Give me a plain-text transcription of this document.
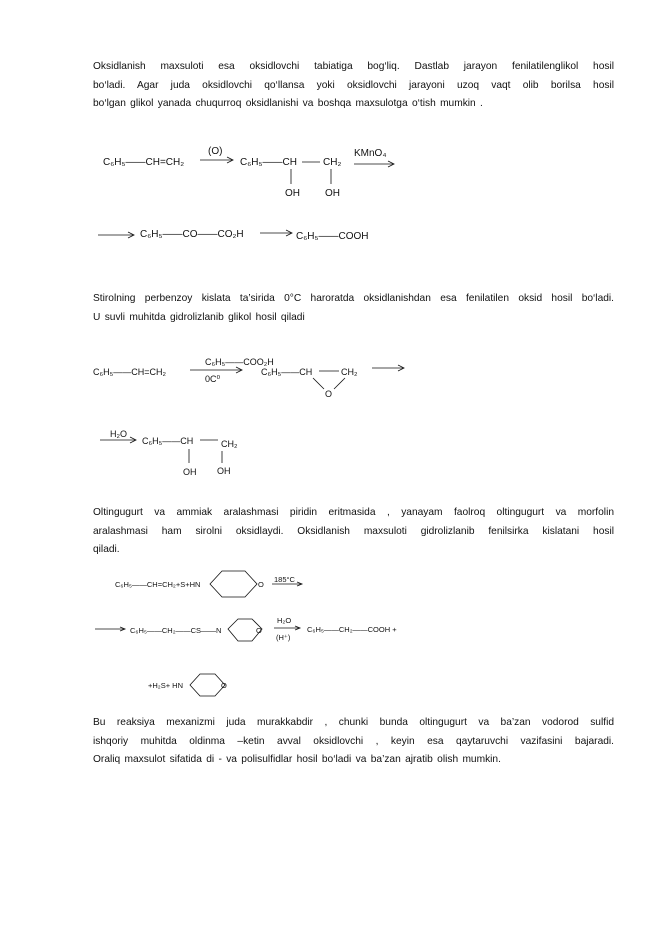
Oksidlanish maxsuloti esa oksidlovchi tabiatiga bog‘liq. Dastlab jarayon fenilatilenglikol hosil
bo‘ladi. Agar juda oksidlovchi qo‘llansa yoki oksidlovchi jarayoni uzoq vaqt olib borilsa hosil
bo‘lgan glikol yanada chuqurroq oksidlanishi va boshqa maxsulotga o‘tish mumkin .
C₆H₅——CH=CH₂
(O)
C₆H₅——CH	CH₂
OH	OH
KMnO₄
C₆H₅——CO——CO₂H	C₆H₅——COOH
Stirolning perbenzoy kislata ta’sirida 0°C haroratda oksidlanishdan esa fenilatilen oksid hosil bo‘ladi.
U suvli muhitda gidrolizlanib glikol hosil qiladi
C₆H₅——CH=CH₂
C₆H₅——COO₂H
0C⁰
C₆H₅——CH	CH₂
O
H₂O
C₆H₅——CH	CH₂
OH OH
Oltingugurt va ammiak aralashmasi piridin eritmasida , yanayam faolroq oltingugurt va morfolin
aralashmasi ham sirolni oksidlaydi. Oksidlanish maxsuloti gidrolizlanib fenilsirka kislatani hosil
qiladi.
C₆H₅——CH=CH₂+S+HN	O
185°C
C₆H₅——CH₂——CS——N	O
H₂O
(H⁺)
C₆H₅——CH₂——COOH +
+H₂S+ HN	O
Bu reaksiya mexanizmi juda murakkabdir , chunki bunda oltingugurt va ba’zan vodorod sulfid
ishqoriy muhitda oldinma –ketin avval oksidlovchi , keyin esa qaytaruvchi vazifasini bajaradi.
Oraliq maxsulot sifatida di - va polisulfidlar hosil bo‘ladi va ba’zan ajratib olish mumkin.
